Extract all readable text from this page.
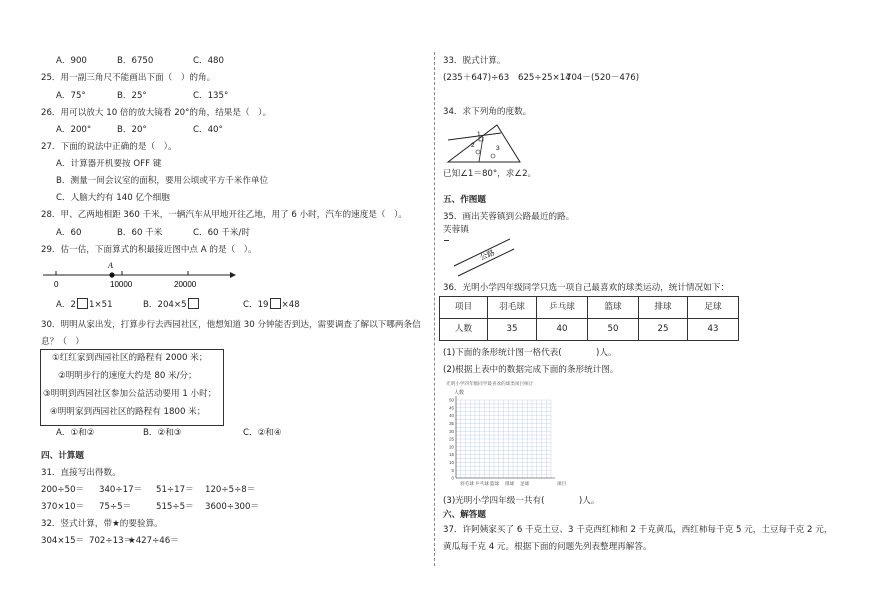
A．900	B．6750	C．480
25．用一副三角尺不能画出下面（　）的角。
A．75°	B．25°	C．135°
26．用可以放大 10 倍的放大镜看 20°的角，结果是（　）。
A．200°	B．20°	C．40°
27．下面的说法中正确的是（　）。
A．计算器开机要按 OFF 键
B．测量一间会议室的面积，要用公顷或平方千米作单位
C．人脑大约有 140 亿个细胞
28．甲、乙两地相距 360 千米，一辆汽车从甲地开往乙地，用了 6 小时，汽车的速度是（　）。
A．60	B．60 千米	C．60 千米/时
29．估一估，下面算式的积最接近图中点 A 的是（　）。
A
0	10000	20000
A．2 1×51	B．204×5	C．19 ×48
30．明明从家出发，打算步行去西园社区，他想知道 30 分钟能否到达，需要调查了解以下哪两条信
息？（　）
①红红家到西园社区的路程有 2000 米；
②明明步行的速度大约是 80 米/分；
③明明到西园社区参加公益活动要用 1 小时；
④明明家到西园社区的路程有 1800 米；
A．①和②	B．②和③	C．②和④
四、计算题
31．直接写出得数。
200÷50＝ 340÷17＝ 51÷17＝ 120÷5÷8＝
370×10＝ 75÷5＝	515÷5＝ 3600÷300＝
32．竖式计算，带★的要验算。
304×15＝ 702÷13＝
★427÷46＝
33．脱式计算。
(235＋647)÷63 625÷25×14
704－(520－476)
34．求下列角的度数。
1
2	3
已知∠1＝80°，求∠2。
五、作图题
35．画出芙蓉镇到公路最近的路。
芙蓉镇
公路
36．光明小学四年级同学只选一项自己最喜欢的球类运动，统计情况如下：
项目	羽毛球	乒乓球	篮球	排球	足球
人数	35	40	50	25	43
(1)下面的条形统计图一格代表(　　　　)人。
(2)根据上表中的数据完成下面的条形统计图。
光明小学四年级同学最喜欢的球类项目统计
人数
0
5
10
15
20
25
30
35
40
45
50
羽毛球 乒乓球 篮球 排球 足球	项目
(3)光明小学四年级一共有(　　　　)人。
六、解答题
37．许阿姨家买了 6 千克土豆、3 千克西红柿和 2 千克黄瓜，西红柿每千克 5 元，土豆每千克 2 元，
黄瓜每千克 4 元。根据下面的问题先列表整理再解答。
